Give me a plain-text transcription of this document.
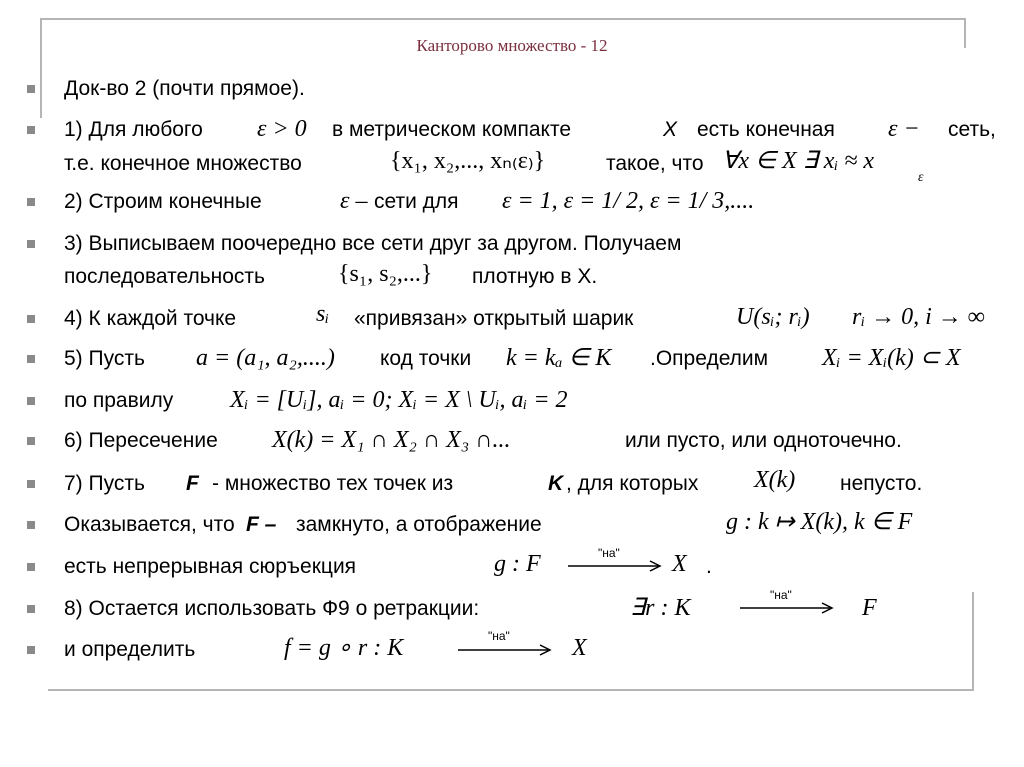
Канторово множество - 12
Док-во 2 (почти прямое).
1) Для любого ε > 0 в метрическом компакте	X есть конечная ε − сеть,
т.е. конечное множество	{x₁, x₂,..., xₙ₍ε₎}	такое, что ∀x ∈ X ∃ xᵢ ≈ x
ε
2) Строим конечные	ε – сети для ε = 1, ε = 1/ 2, ε = 1/ 3,....
3) Выписываем поочередно все сети друг за другом. Получаем
последовательность	{s₁, s₂,...} плотную в X.
4) К каждой точке	sᵢ «привязан» открытый шарик	U(sᵢ; rᵢ) rᵢ → 0, i → ∞
5) Пусть a = (a₁, a₂,....) код точки k = kₐ ∈ K .Определим Xᵢ = Xᵢ(k) ⊂ X
по правилу Xᵢ = [Uᵢ], aᵢ = 0; Xᵢ = X \ Uᵢ, aᵢ = 2
6) Пересечение X(k) = X₁ ∩ X₂ ∩ X₃ ∩...	или пусто, или одноточечно.
7) Пусть F - множество тех точек из	K , для которых X(k) непусто.
Оказывается, что F – замкнуто, а отображение	g : k ↦ X(k), k ∈ F
есть непрерывная сюръекция	g : F	"на" X .
8) Остается использовать Ф9 о ретракции:	∃r : K	"на"	F
и определить	f = g ∘ r : K	"на"	X
